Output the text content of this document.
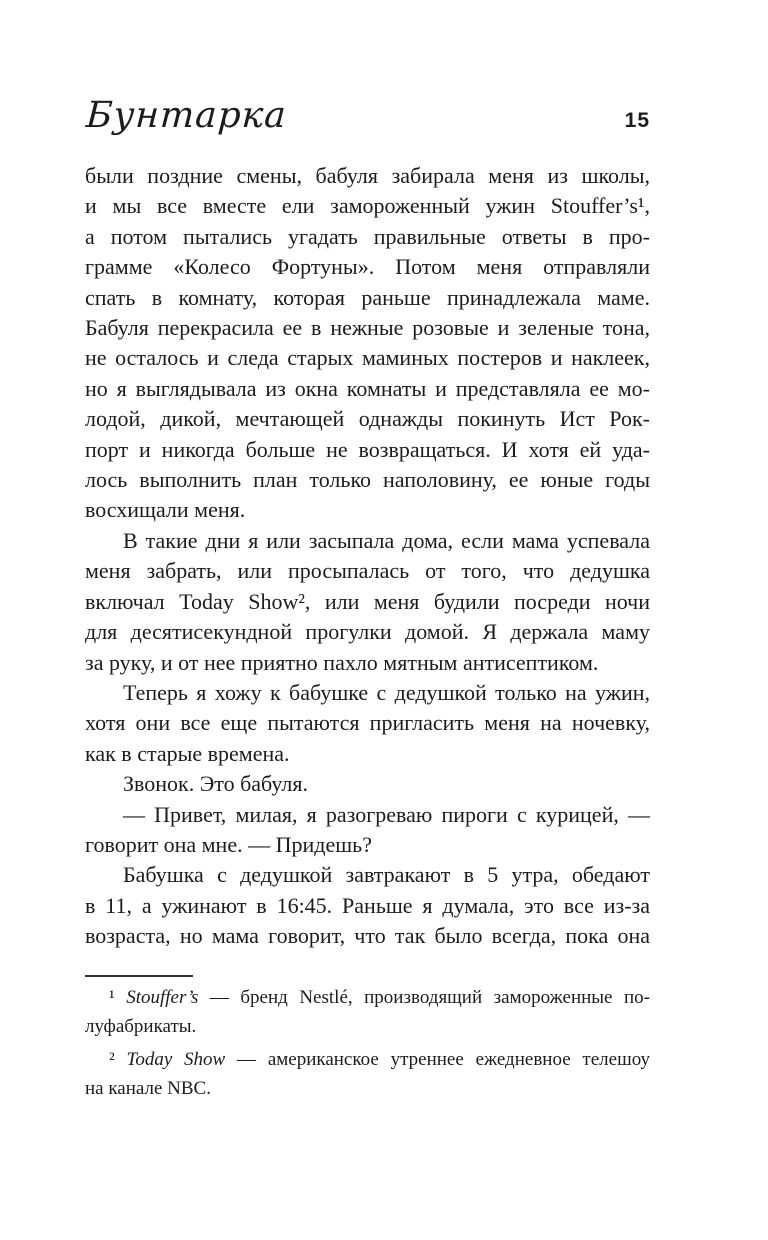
Бунтарка	15
были поздние смены, бабуля забирала меня из школы,
и мы все вместе ели замороженный ужин Stouffer’s¹,
а потом пытались угадать правильные ответы в про-
грамме «Колесо Фортуны». Потом меня отправляли
спать в комнату, которая раньше принадлежала маме.
Бабуля перекрасила ее в нежные розовые и зеленые тона,
не осталось и следа старых маминых постеров и наклеек,
но я выглядывала из окна комнаты и представляла ее мо-
лодой, дикой, мечтающей однажды покинуть Ист Рок-
порт и никогда больше не возвращаться. И хотя ей уда-
лось выполнить план только наполовину, ее юные годы
восхищали меня.
В такие дни я или засыпала дома, если мама успевала
меня забрать, или просыпалась от того, что дедушка
включал Today Show², или меня будили посреди ночи
для десятисекундной прогулки домой. Я держала маму
за руку, и от нее приятно пахло мятным антисептиком.
Теперь я хожу к бабушке с дедушкой только на ужин,
хотя они все еще пытаются пригласить меня на ночевку,
как в старые времена.
Звонок. Это бабуля.
— Привет, милая, я разогреваю пироги с курицей, —
говорит она мне. — Придешь?
Бабушка с дедушкой завтракают в 5 утра, обедают
в 11, а ужинают в 16:45. Раньше я думала, это все из-за
возраста, но мама говорит, что так было всегда, пока она
¹ Stouffer’s — бренд Nestlé, производящий замороженные по-
луфабрикаты.
² Today Show — американское утреннее ежедневное телешоу
на канале NBC.
